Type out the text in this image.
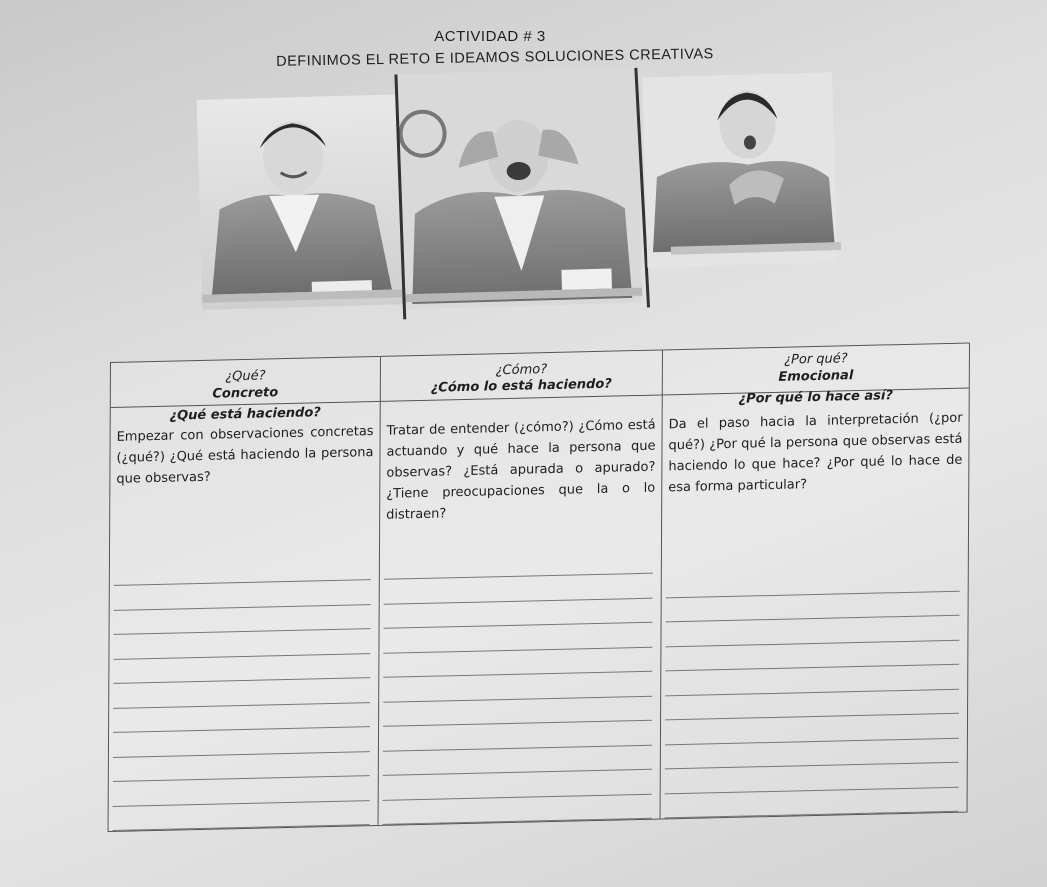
ACTIVIDAD # 3
DEFINIMOS EL RETO E IDEAMOS SOLUCIONES CREATIVAS
¿Qué?
Concreto
¿Qué está haciendo?
Empezar con observaciones concretas (¿qué?) ¿Qué está haciendo la persona que observas?
¿Cómo?
¿Cómo lo está haciendo?
Tratar de entender (¿cómo?) ¿Cómo está actuando y qué hace la persona que observas? ¿Está apurada o apurado? ¿Tiene preocupaciones que la o lo distraen?
¿Por qué?
Emocional
¿Por qué lo hace así?
Da el paso hacia la interpretación (¿por qué?) ¿Por qué la persona que observas está haciendo lo que hace? ¿Por qué lo hace de esa forma particular?
